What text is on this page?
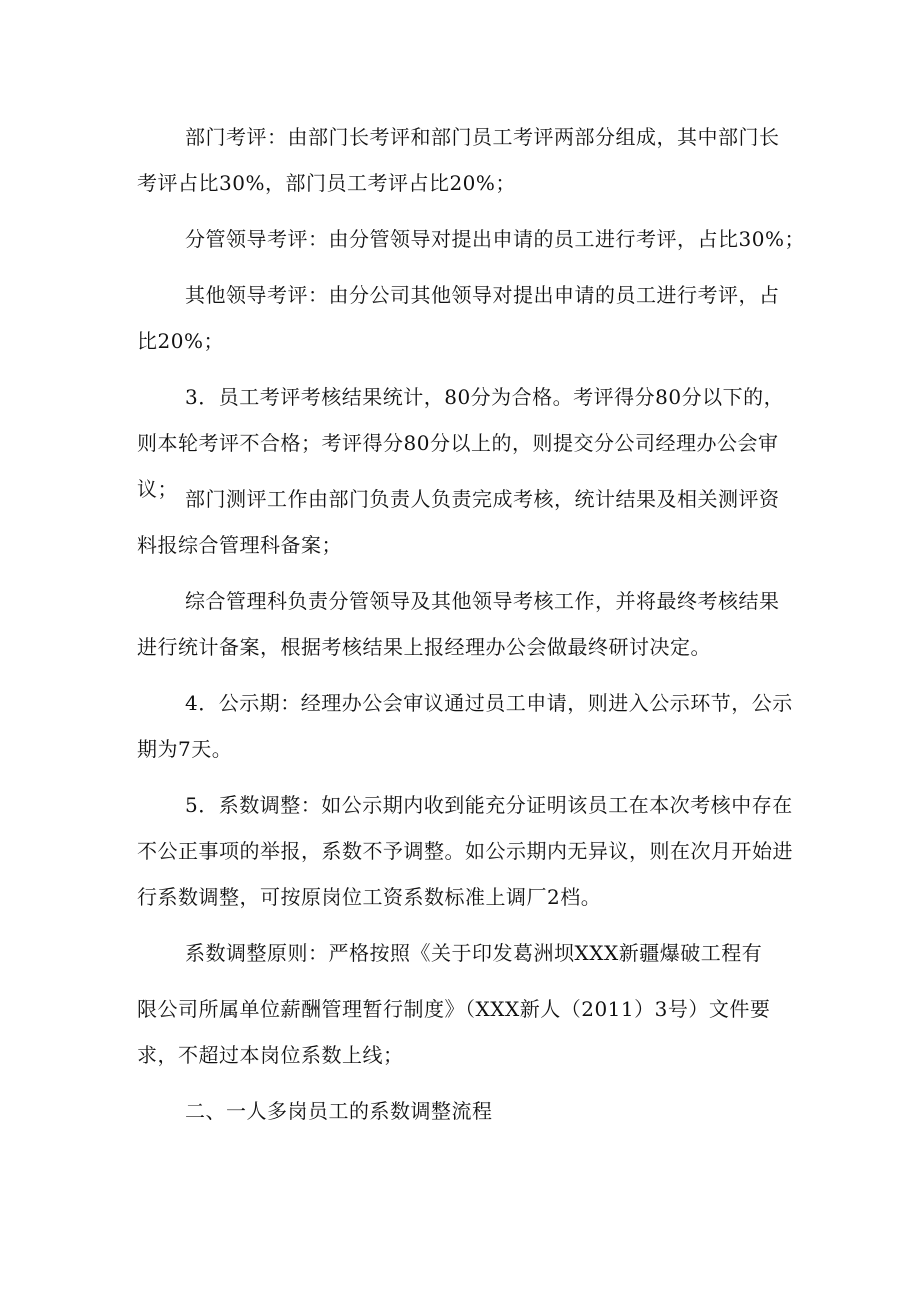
部门考评：由部门长考评和部门员工考评两部分组成，其中部门长考评占比30%，部门员工考评占比20%；

分管领导考评：由分管领导对提出申请的员工进行考评，占比30%；

其他领导考评：由分公司其他领导对提出申请的员工进行考评，占比20%；

3．员工考评考核结果统计，80分为合格。考评得分80分以下的，则本轮考评不合格；考评得分80分以上的，则提交分公司经理办公会审议； 部门测评工作由部门负责人负责完成考核，统计结果及相关测评资料报综合管理科备案；

综合管理科负责分管领导及其他领导考核工作，并将最终考核结果进行统计备案，根据考核结果上报经理办公会做最终研讨决定。

4．公示期：经理办公会审议通过员工申请，则进入公示环节，公示期为7天。

5．系数调整：如公示期内收到能充分证明该员工在本次考核中存在不公正事项的举报，系数不予调整。如公示期内无异议，则在次月开始进行系数调整，可按原岗位工资系数标准上调厂2档。

系数调整原则：严格按照《关于印发葛洲坝XXX新疆爆破工程有

限公司所属单位薪酬管理暂行制度》（XXX新人（2011）3号）文件要求，不超过本岗位系数上线；

二、一人多岗员工的系数调整流程
